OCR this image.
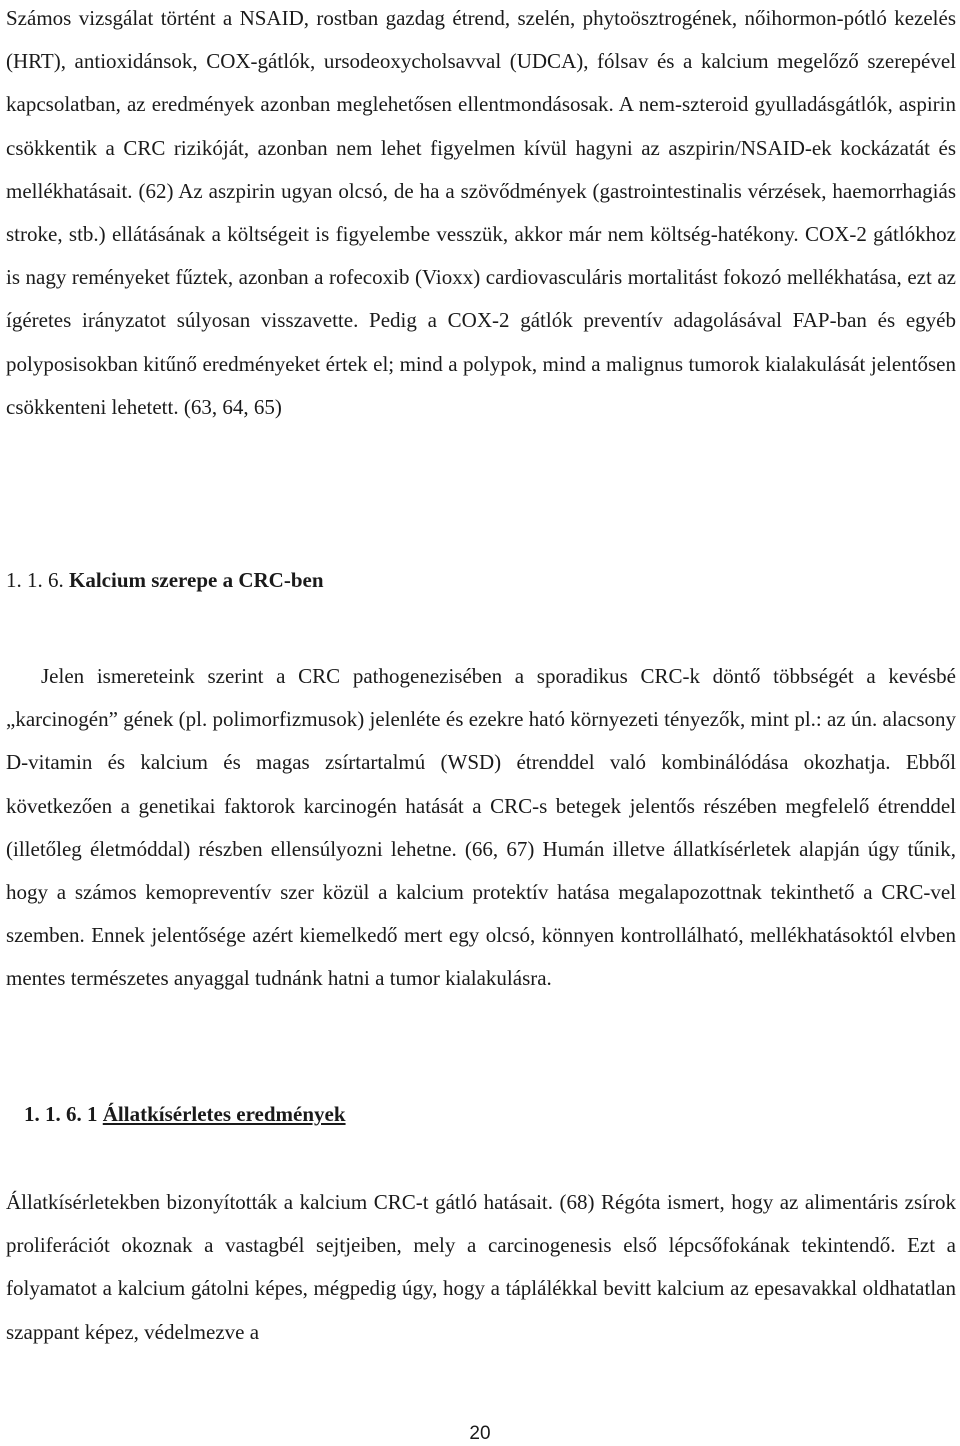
Számos vizsgálat történt a NSAID, rostban gazdag étrend, szelén, phytoösztrogének, nőihormon-pótló kezelés (HRT), antioxidánsok, COX-gátlók, ursodeoxycholsavval (UDCA), fólsav és a kalcium megelőző szerepével kapcsolatban, az eredmények azonban meglehetősen ellentmondásosak. A nem-szteroid gyulladásgátlók, aspirin csökkentik a CRC rizikóját, azonban nem lehet figyelmen kívül hagyni az aszpirin/NSAID-ek kockázatát és mellékhatásait. (62) Az aszpirin ugyan olcsó, de ha a szövődmények (gastrointestinalis vérzések, haemorrhagiás stroke, stb.) ellátásának a költségeit is figyelembe vesszük, akkor már nem költség-hatékony. COX-2 gátlókhoz is nagy reményeket fűztek, azonban a rofecoxib (Vioxx) cardiovasculáris mortalitást fokozó mellékhatása, ezt az ígéretes irányzatot súlyosan visszavette. Pedig a COX-2 gátlók preventív adagolásával FAP-ban és egyéb polyposisokban kitűnő eredményeket értek el; mind a polypok, mind a malignus tumorok kialakulását jelentősen csökkenteni lehetett. (63, 64, 65)

1. 1. 6. Kalcium szerepe a CRC-ben

Jelen ismereteink szerint a CRC pathogenezisében a sporadikus CRC-k döntő többségét a kevésbé „karcinogén” gének (pl. polimorfizmusok) jelenléte és ezekre ható környezeti tényezők, mint pl.: az ún. alacsony D-vitamin és kalcium és magas zsírtartalmú (WSD) étrenddel való kombinálódása okozhatja. Ebből következően a genetikai faktorok karcinogén hatását a CRC-s betegek jelentős részében megfelelő étrenddel (illetőleg életmóddal) részben ellensúlyozni lehetne. (66, 67) Humán illetve állatkísérletek alapján úgy tűnik, hogy a számos kemopreventív szer közül a kalcium protektív hatása megalapozottnak tekinthető a CRC-vel szemben. Ennek jelentősége azért kiemelkedő mert egy olcsó, könnyen kontrollálható, mellékhatásoktól elvben mentes természetes anyaggal tudnánk hatni a tumor kialakulásra.

1. 1. 6. 1 Állatkísérletes eredmények

Állatkísérletekben bizonyították a kalcium CRC-t gátló hatásait. (68) Régóta ismert, hogy az alimentáris zsírok proliferációt okoznak a vastagbél sejtjeiben, mely a carcinogenesis első lépcsőfokának tekintendő. Ezt a folyamatot a kalcium gátolni képes, mégpedig úgy, hogy a táplálékkal bevitt kalcium az epesavakkal oldhatatlan szappant képez, védelmezve a

20
